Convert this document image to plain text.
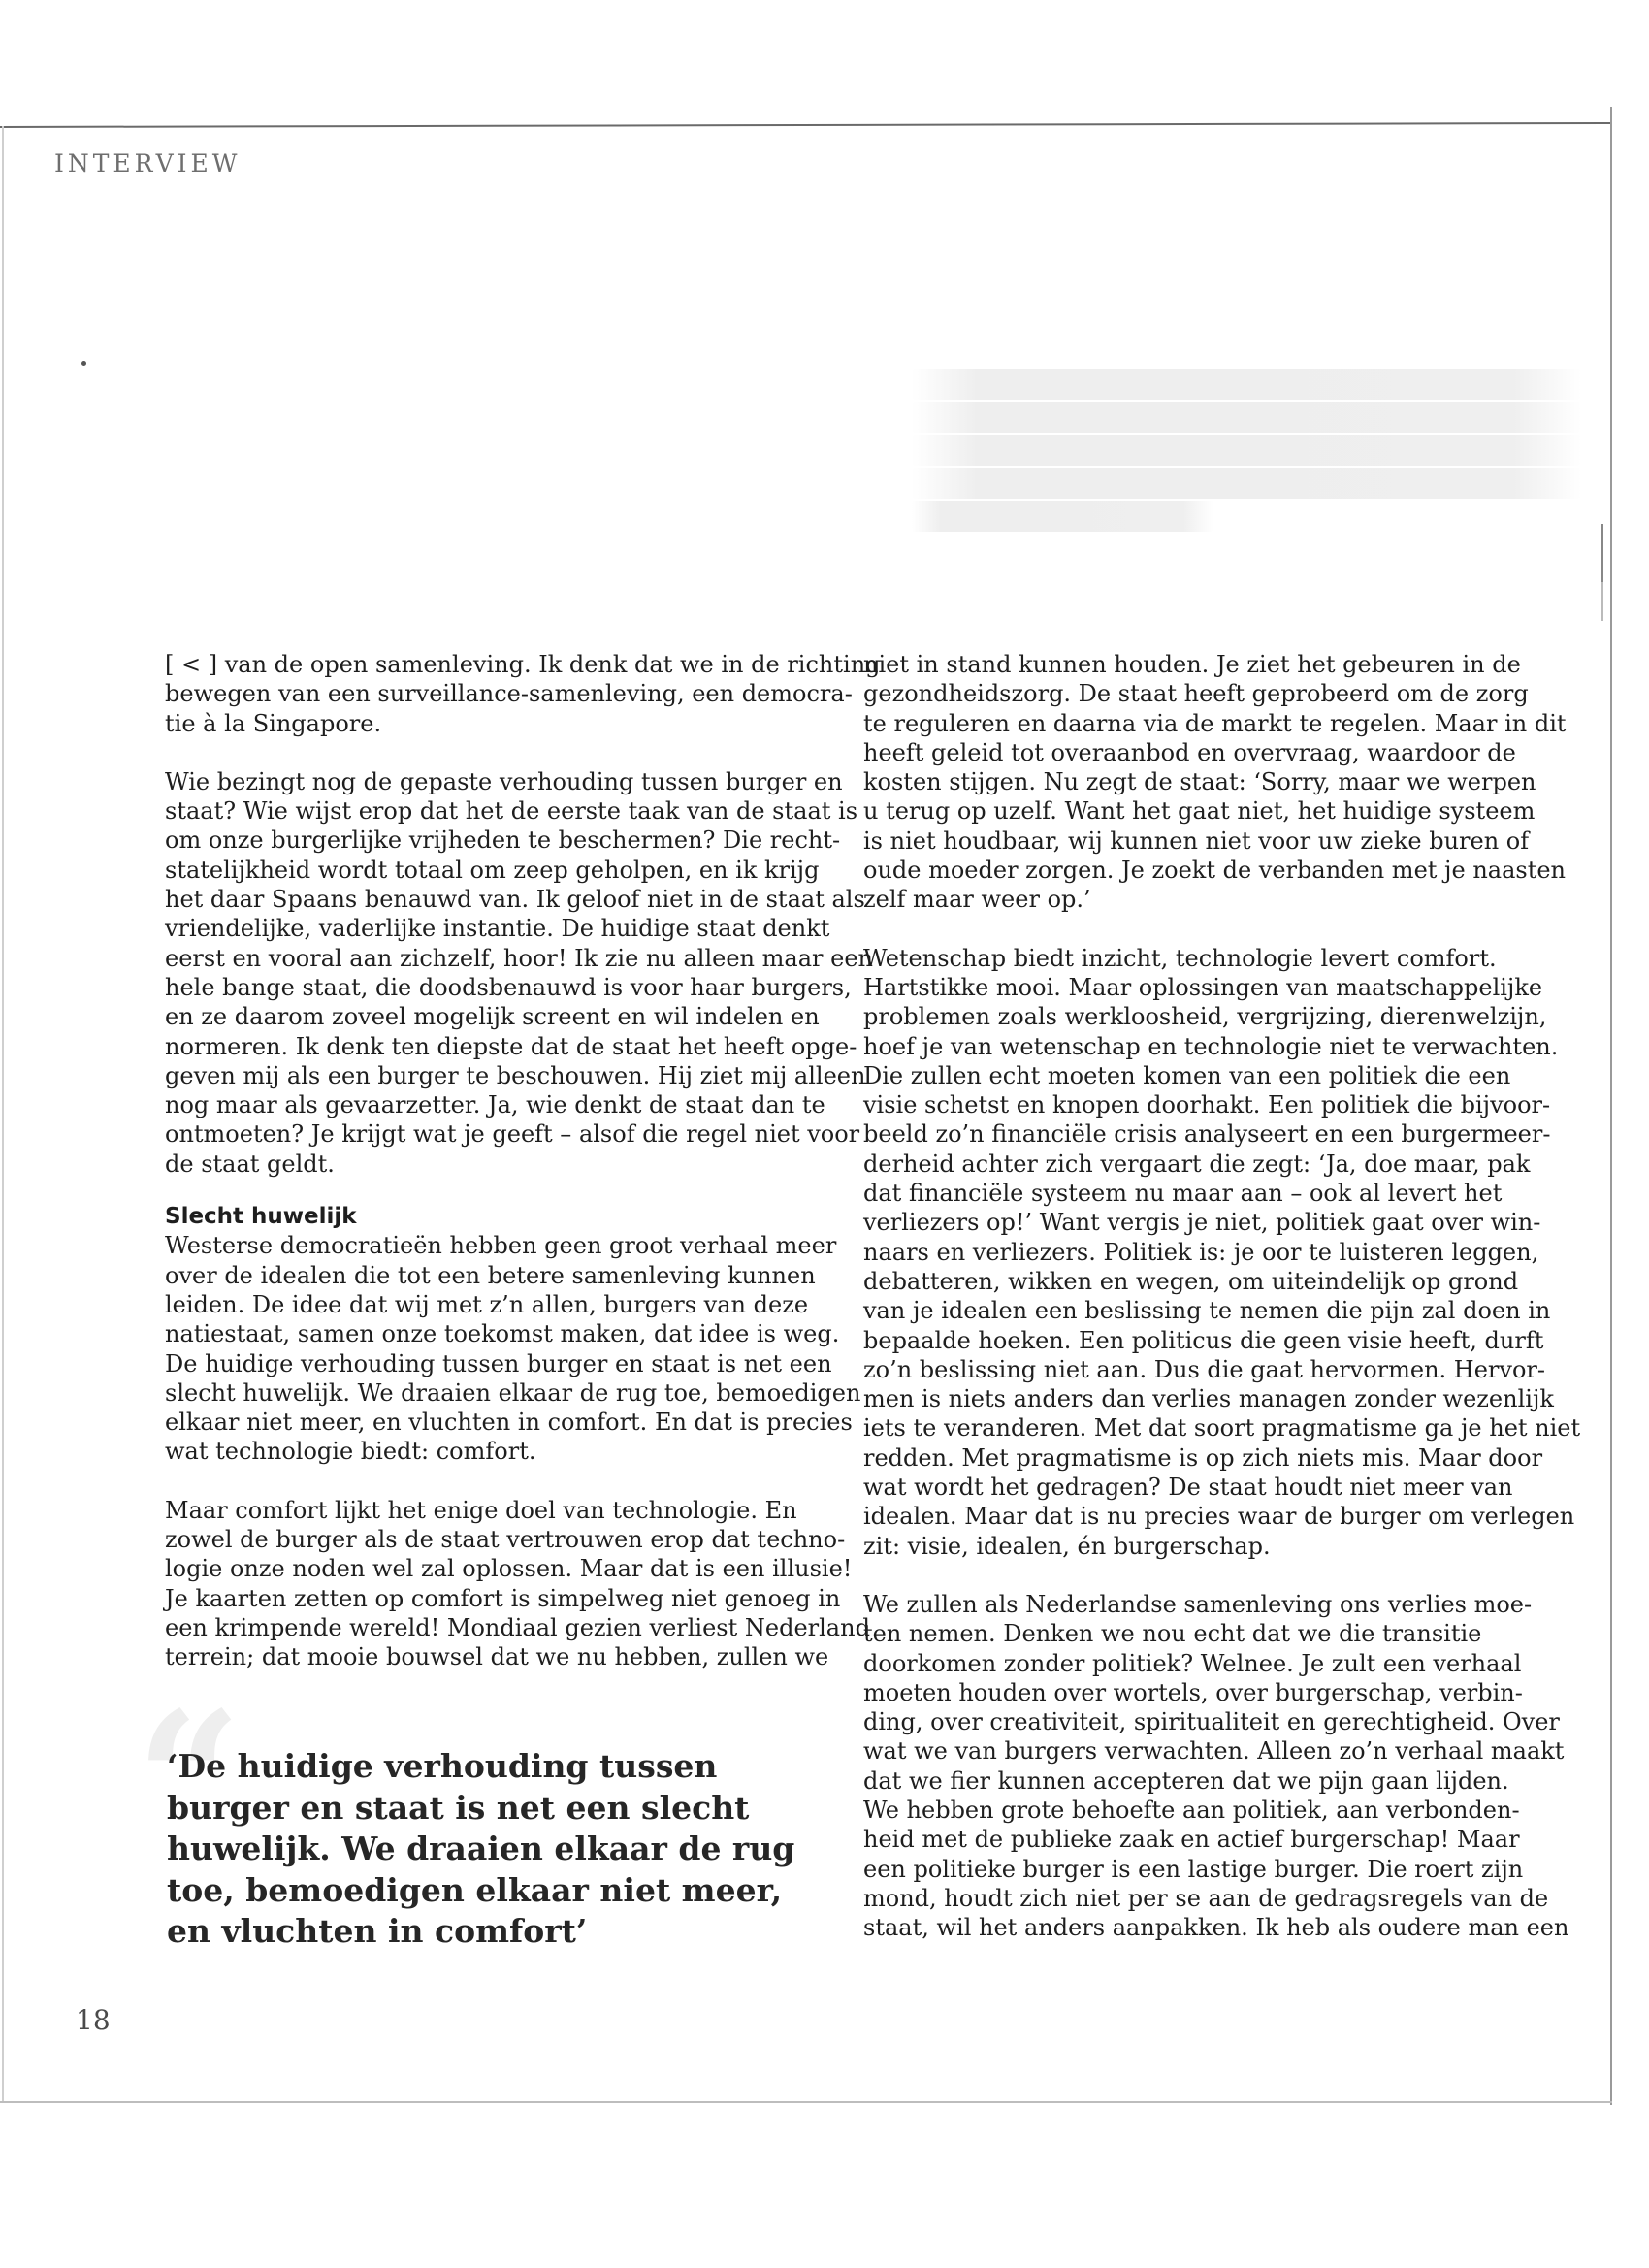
INTERVIEW

[ < ] van de open samenleving. Ik denk dat we in de richting
bewegen van een surveillance-samenleving, een democra-
tie à la Singapore.

Wie bezingt nog de gepaste verhouding tussen burger en
staat? Wie wijst erop dat het de eerste taak van de staat is
om onze burgerlijke vrijheden te beschermen? Die recht-
statelijkheid wordt totaal om zeep geholpen, en ik krijg
het daar Spaans benauwd van. Ik geloof niet in de staat als
vriendelijke, vaderlijke instantie. De huidige staat denkt
eerst en vooral aan zichzelf, hoor! Ik zie nu alleen maar een
hele bange staat, die doodsbenauwd is voor haar burgers,
en ze daarom zoveel mogelijk screent en wil indelen en
normeren. Ik denk ten diepste dat de staat het heeft opge-
geven mij als een burger te beschouwen. Hij ziet mij alleen
nog maar als gevaarzetter. Ja, wie denkt de staat dan te
ontmoeten? Je krijgt wat je geeft – alsof die regel niet voor
de staat geldt.

Slecht huwelijk
Westerse democratieën hebben geen groot verhaal meer
over de idealen die tot een betere samenleving kunnen
leiden. De idee dat wij met z’n allen, burgers van deze
natiestaat, samen onze toekomst maken, dat idee is weg.
De huidige verhouding tussen burger en staat is net een
slecht huwelijk. We draaien elkaar de rug toe, bemoedigen
elkaar niet meer, en vluchten in comfort. En dat is precies
wat technologie biedt: comfort.

Maar comfort lijkt het enige doel van technologie. En
zowel de burger als de staat vertrouwen erop dat techno-
logie onze noden wel zal oplossen. Maar dat is een illusie!
Je kaarten zetten op comfort is simpelweg niet genoeg in
een krimpende wereld! Mondiaal gezien verliest Nederland
terrein; dat mooie bouwsel dat we nu hebben, zullen we

“
‘De huidige verhouding tussen
burger en staat is net een slecht
huwelijk. We draaien elkaar de rug
toe, bemoedigen elkaar niet meer,
en vluchten in comfort’

niet in stand kunnen houden. Je ziet het gebeuren in de
gezondheidszorg. De staat heeft geprobeerd om de zorg
te reguleren en daarna via de markt te regelen. Maar in dit
heeft geleid tot overaanbod en overvraag, waardoor de
kosten stijgen. Nu zegt de staat: ‘Sorry, maar we werpen
u terug op uzelf. Want het gaat niet, het huidige systeem
is niet houdbaar, wij kunnen niet voor uw zieke buren of
oude moeder zorgen. Je zoekt de verbanden met je naasten
zelf maar weer op.’

Wetenschap biedt inzicht, technologie levert comfort.
Hartstikke mooi. Maar oplossingen van maatschappelijke
problemen zoals werkloosheid, vergrijzing, dierenwelzijn,
hoef je van wetenschap en technologie niet te verwachten.
Die zullen echt moeten komen van een politiek die een
visie schetst en knopen doorhakt. Een politiek die bijvoor-
beeld zo’n financiële crisis analyseert en een burgermeer-
derheid achter zich vergaart die zegt: ‘Ja, doe maar, pak
dat financiële systeem nu maar aan – ook al levert het
verliezers op!’ Want vergis je niet, politiek gaat over win-
naars en verliezers. Politiek is: je oor te luisteren leggen,
debatteren, wikken en wegen, om uiteindelijk op grond
van je idealen een beslissing te nemen die pijn zal doen in
bepaalde hoeken. Een politicus die geen visie heeft, durft
zo’n beslissing niet aan. Dus die gaat hervormen. Hervor-
men is niets anders dan verlies managen zonder wezenlijk
iets te veranderen. Met dat soort pragmatisme ga je het niet
redden. Met pragmatisme is op zich niets mis. Maar door
wat wordt het gedragen? De staat houdt niet meer van
idealen. Maar dat is nu precies waar de burger om verlegen
zit: visie, idealen, én burgerschap.

We zullen als Nederlandse samenleving ons verlies moe-
ten nemen. Denken we nou echt dat we die transitie
doorkomen zonder politiek? Welnee. Je zult een verhaal
moeten houden over wortels, over burgerschap, verbin-
ding, over creativiteit, spiritualiteit en gerechtigheid. Over
wat we van burgers verwachten. Alleen zo’n verhaal maakt
dat we fier kunnen accepteren dat we pijn gaan lijden.
We hebben grote behoefte aan politiek, aan verbonden-
heid met de publieke zaak en actief burgerschap! Maar
een politieke burger is een lastige burger. Die roert zijn
mond, houdt zich niet per se aan de gedragsregels van de
staat, wil het anders aanpakken. Ik heb als oudere man een

18
